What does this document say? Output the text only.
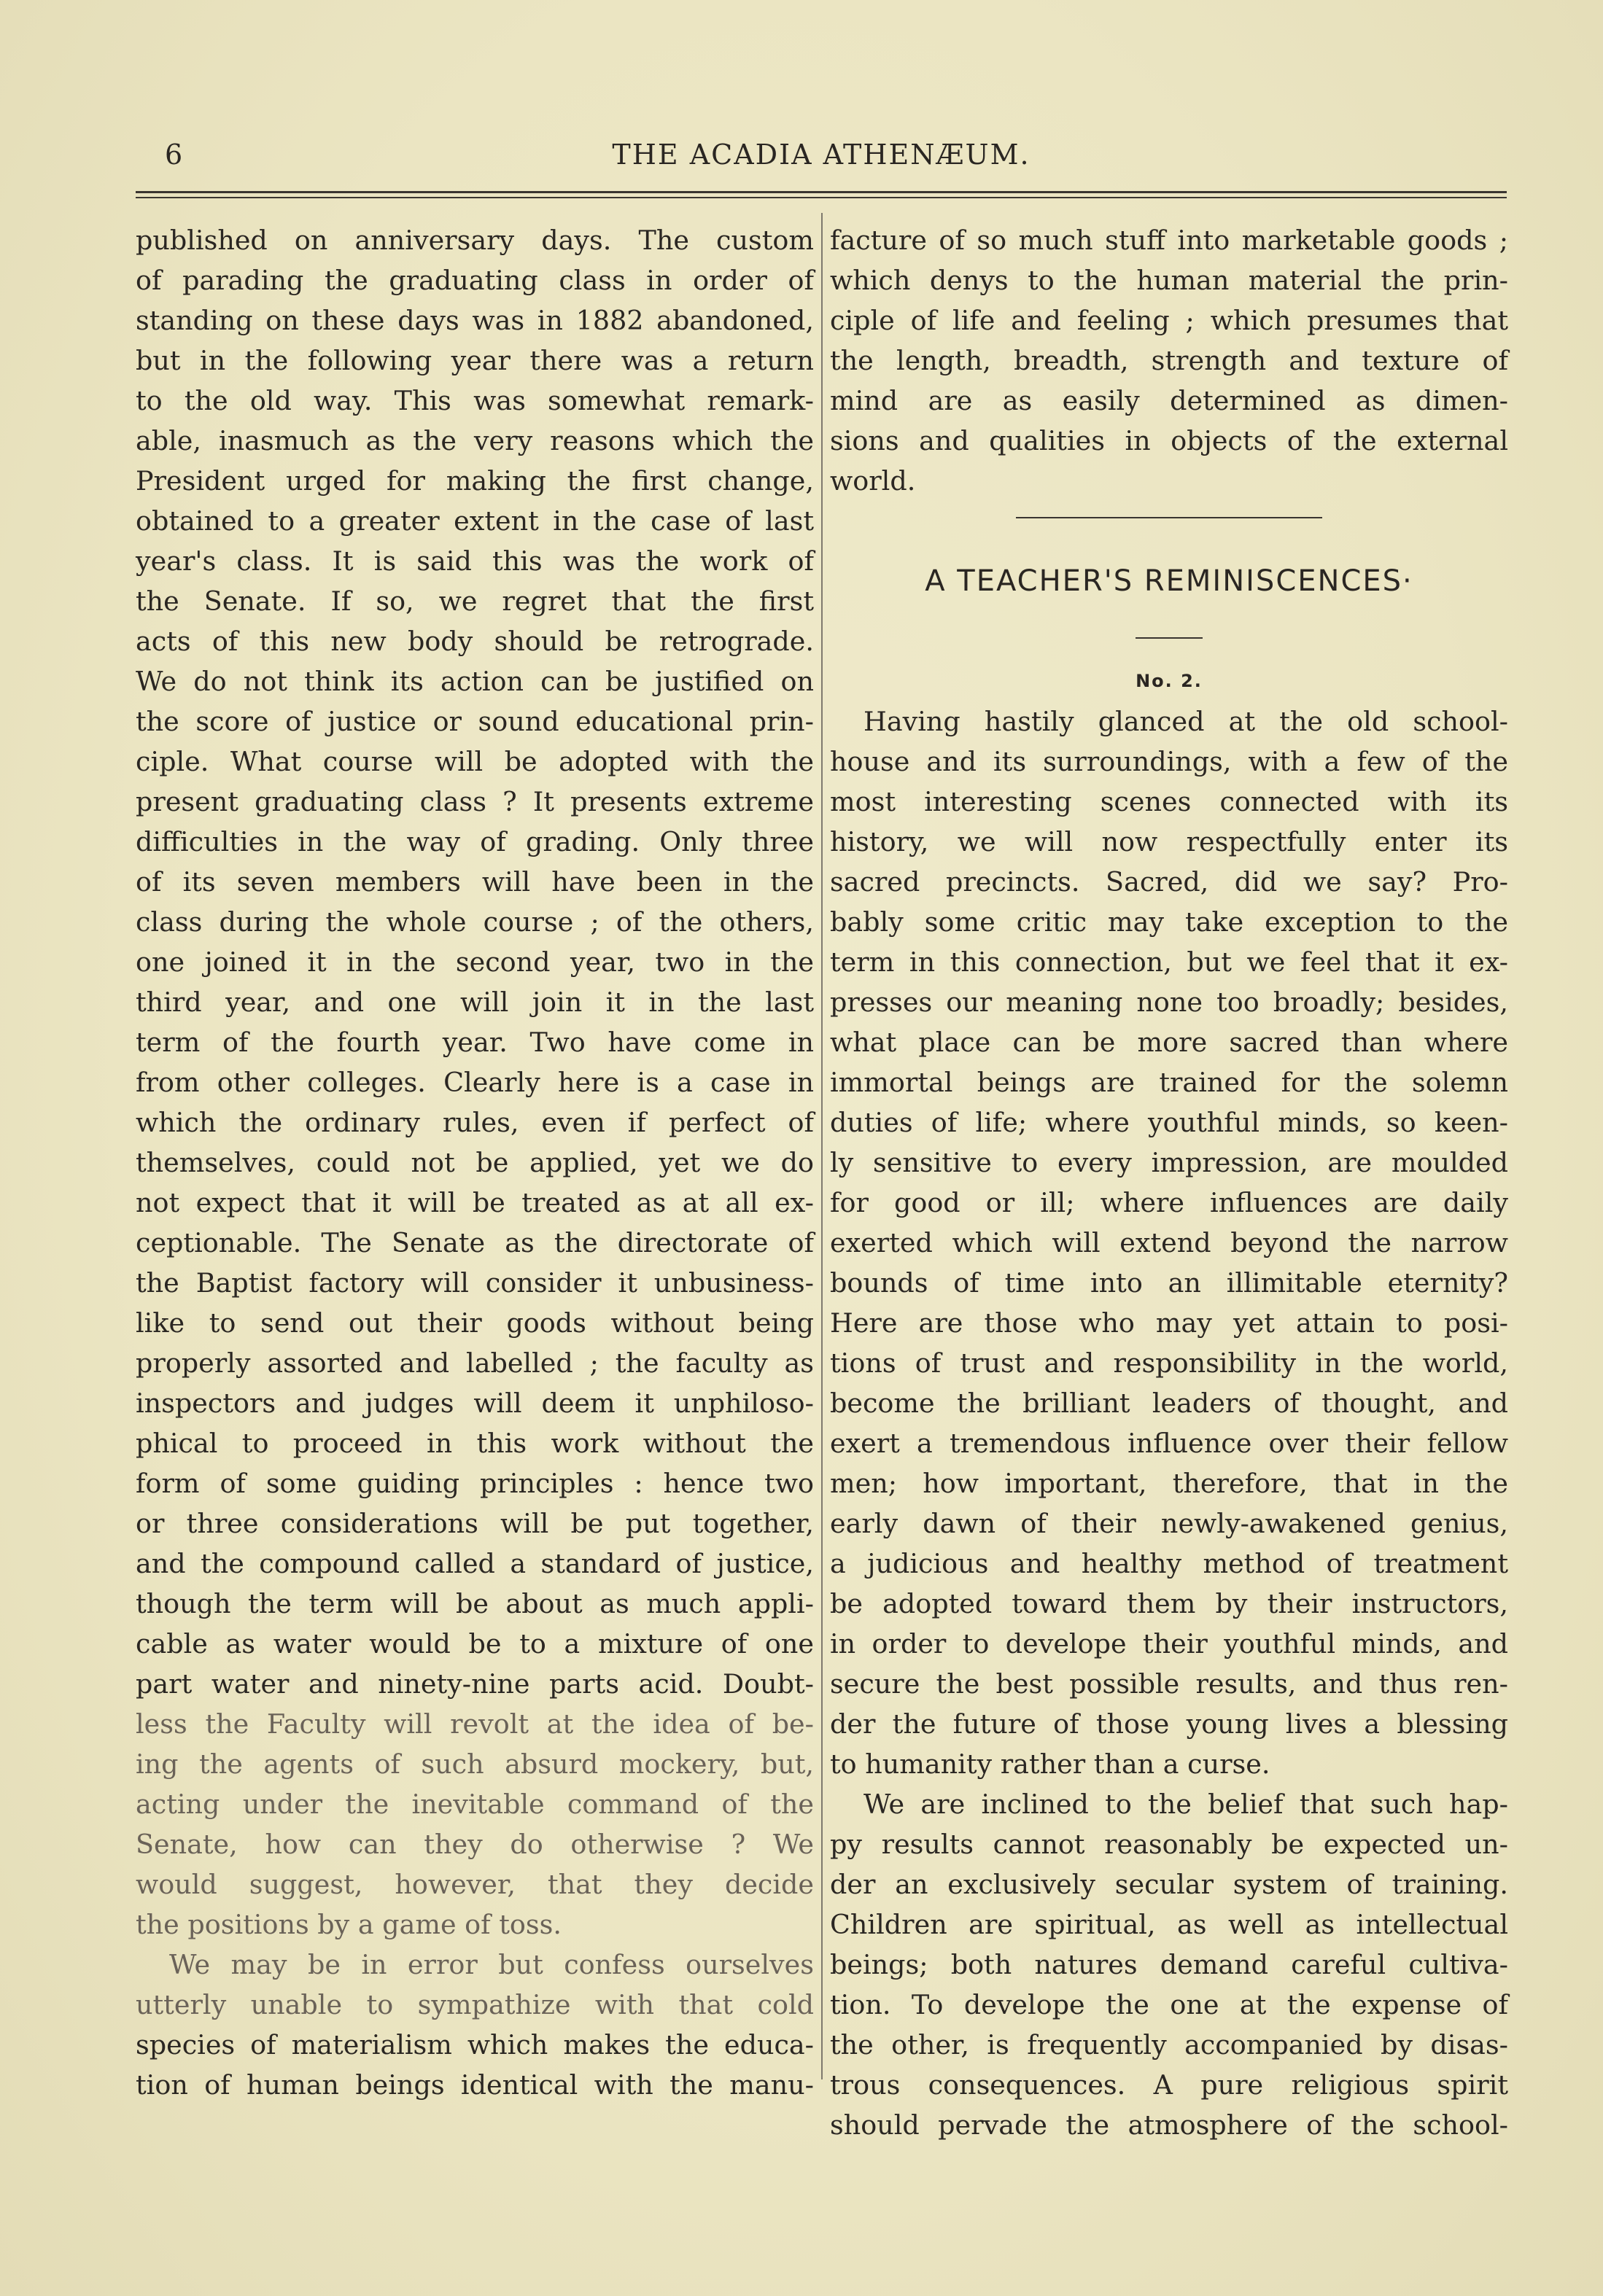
6	THE ACADIA ATHENÆUM.
published on anniversary days. The custom
of parading the graduating class in order of
standing on these days was in 1882 abandoned,
but in the following year there was a return
to the old way. This was somewhat remark-
able, inasmuch as the very reasons which the
President urged for making the first change,
obtained to a greater extent in the case of last
year's class. It is said this was the work of
the Senate. If so, we regret that the first
acts of this new body should be retrograde.
We do not think its action can be justified on
the score of justice or sound educational prin-
ciple. What course will be adopted with the
present graduating class ? It presents extreme
difficulties in the way of grading. Only three
of its seven members will have been in the
class during the whole course ; of the others,
one joined it in the second year, two in the
third year, and one will join it in the last
term of the fourth year. Two have come in
from other colleges. Clearly here is a case in
which the ordinary rules, even if perfect of
themselves, could not be applied, yet we do
not expect that it will be treated as at all ex-
ceptionable. The Senate as the directorate of
the Baptist factory will consider it unbusiness-
like to send out their goods without being
properly assorted and labelled ; the faculty as
inspectors and judges will deem it unphiloso-
phical to proceed in this work without the
form of some guiding principles : hence two
or three considerations will be put together,
and the compound called a standard of justice,
though the term will be about as much appli-
cable as water would be to a mixture of one
part water and ninety-nine parts acid. Doubt-
less the Faculty will revolt at the idea of be-
ing the agents of such absurd mockery, but,
acting under the inevitable command of the
Senate, how can they do otherwise ? We
would suggest, however, that they decide
the positions by a game of toss.
We may be in error but confess ourselves
utterly unable to sympathize with that cold
species of materialism which makes the educa-
tion of human beings identical with the manu-
facture of so much stuff into marketable goods ;
which denys to the human material the prin-
ciple of life and feeling ; which presumes that
the length, breadth, strength and texture of
mind are as easily determined as dimen-
sions and qualities in objects of the external
world.
A TEACHER'S REMINISCENCES·
No. 2.
Having hastily glanced at the old school-
house and its surroundings, with a few of the
most interesting scenes connected with its
history, we will now respectfully enter its
sacred precincts. Sacred, did we say? Pro-
bably some critic may take exception to the
term in this connection, but we feel that it ex-
presses our meaning none too broadly; besides,
what place can be more sacred than where
immortal beings are trained for the solemn
duties of life; where youthful minds, so keen-
ly sensitive to every impression, are moulded
for good or ill; where influences are daily
exerted which will extend beyond the narrow
bounds of time into an illimitable eternity?
Here are those who may yet attain to posi-
tions of trust and responsibility in the world,
become the brilliant leaders of thought, and
exert a tremendous influence over their fellow
men; how important, therefore, that in the
early dawn of their newly-awakened genius,
a judicious and healthy method of treatment
be adopted toward them by their instructors,
in order to develope their youthful minds, and
secure the best possible results, and thus ren-
der the future of those young lives a blessing
to humanity rather than a curse.
We are inclined to the belief that such hap-
py results cannot reasonably be expected un-
der an exclusively secular system of training.
Children are spiritual, as well as intellectual
beings; both natures demand careful cultiva-
tion. To develope the one at the expense of
the other, is frequently accompanied by disas-
trous consequences. A pure religious spirit
should pervade the atmosphere of the school-
